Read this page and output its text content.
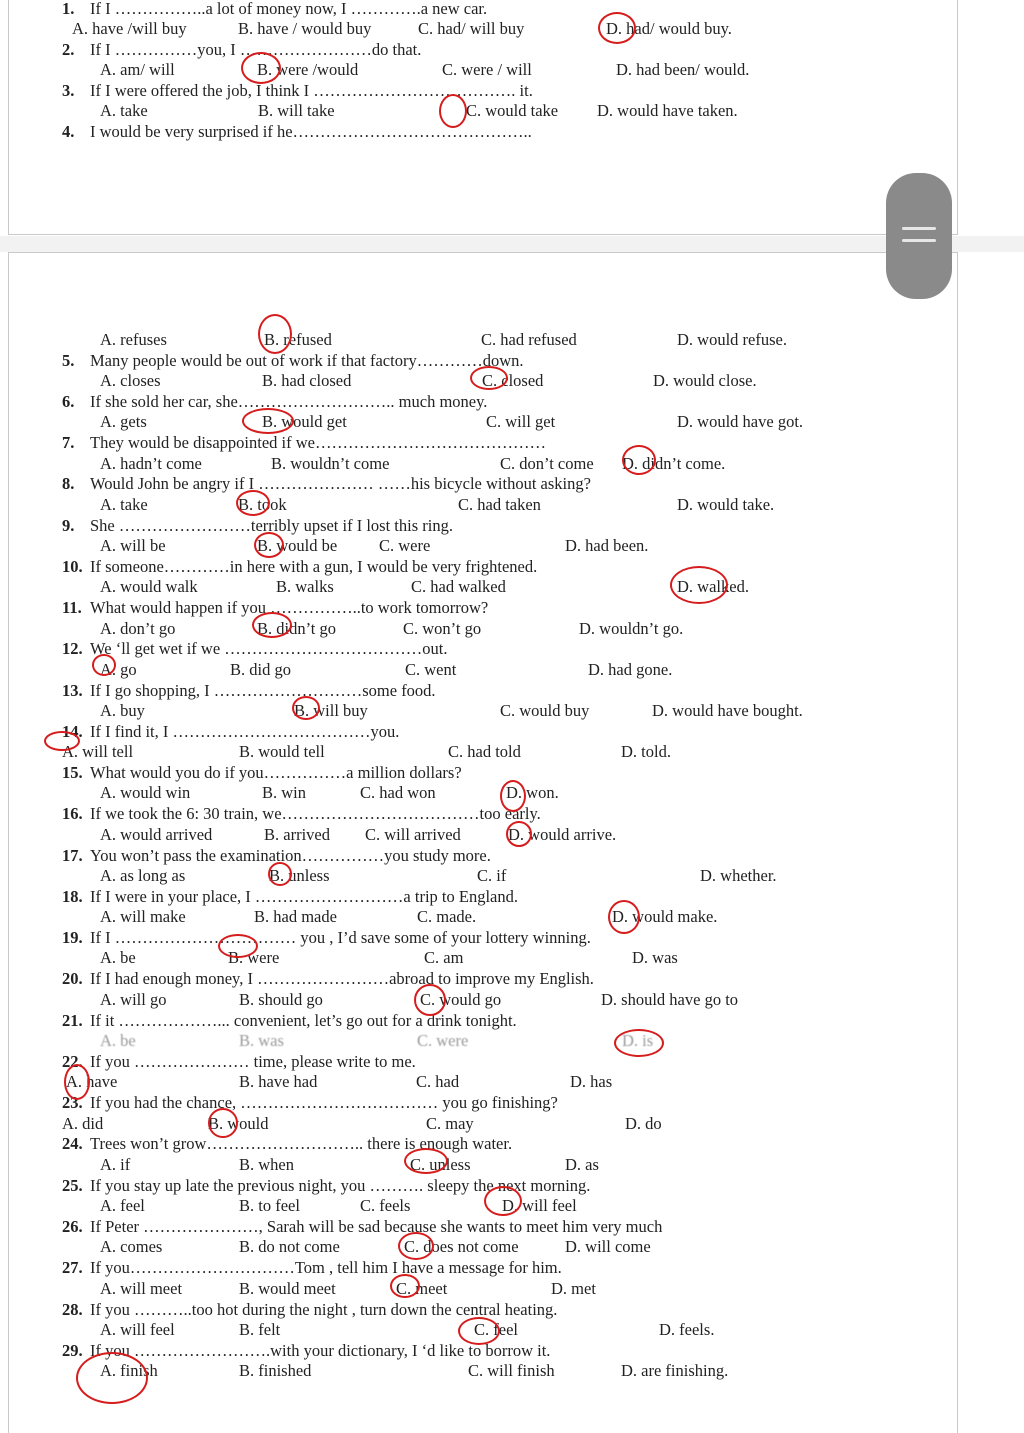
1. If I ……………..a lot of money now, I ………….a new car.
A. have /will buy	B. have / would buy	C. had/ will buy	D. had/ would buy.
2. If I ……………you, I ……………………do that.
A. am/ will	B. were /would	C. were / will	D. had been/ would.
3. If I were offered the job, I think I ………………………………. it.
A. take	B. will take	C. would take D. would have taken.
4. I would be very surprised if he……………………………………..
A. refuses	B. refused	C. had refused	D. would refuse.
5. Many people would be out of work if that factory…………down.
A. closes	B. had closed	C. closed	D. would close.
6. If she sold her car, she……………………….. much money.
A. gets	B. would get	C. will get	D. would have got.
7. They would be disappointed if we……………………………………
A. hadn’t come	B. wouldn’t come	C. don’t come D. didn’t come.
8. Would John be angry if I ………………… ……his bicycle without asking?
A. take	B. took	C. had taken	D. would take.
9. She ……………………terribly upset if I lost this ring.
A. will be	B. would be	C. were	D. had been.
10. If someone…………in here with a gun, I would be very frightened.
A. would walk	B. walks	C. had walked	D. walked.
11. What would happen if you ……………..to work tomorrow?
A. don’t go	B. didn’t go	C. won’t go	D. wouldn’t go.
12. We ‘ll get wet if we ………………………………out.
A. go	B. did go	C. went	D. had gone.
13. If I go shopping, I ………………………some food.
A. buy	B. will buy	C. would buy	D. would have bought.
14. If I find it, I ………………………………you.
A. will tell	B. would tell	C. had told	D. told.
15. What would you do if you……………a million dollars?
A. would win	B. win	C. had won	D. won.
16. If we took the 6: 30 train, we………………………………too early.
A. would arrived	B. arrived C. will arrived	D. would arrive.
17. You won’t pass the examination……………you study more.
A. as long as	B. unless	C. if	D. whether.
18. If I were in your place, I ………………………a trip to England.
A. will make	B. had made	C. made.	D. would make.
19. If I …………………………… you , I’d save some of your lottery winning.
A. be	B. were	C. am	D. was
20. If I had enough money, I ……………………abroad to improve my English.
A. will go	B. should go	C. would go	D. should have go to
21. If it ………………... convenient, let’s go out for a drink tonight.
A. be	B. was	C. were	D. is
22. If you ………………… time, please write to me.
A. have	B. have had	C. had	D. has
23. If you had the chance, ……………………………… you go finishing?
A. did	B. would	C. may	D. do
24. Trees won’t grow……………………….. there is enough water.
A. if	B. when	C. unless	D. as
25. If you stay up late the previous night, you ………. sleepy the next morning.
A. feel	B. to feel	C. feels	D. will feel
26. If Peter …………………, Sarah will be sad because she wants to meet him very much
A. comes	B. do not come	C. does not come	D. will come
27. If you…………………………Tom , tell him I have a message for him.
A. will meet	B. would meet	C. meet	D. met
28. If you ………..too hot during the night , turn down the central heating.
A. will feel	B. felt	C. feel	D. feels.
29. If you …………………….with your dictionary, I ‘d like to borrow it.
A. finish	B. finished	C. will finish	D. are finishing.
